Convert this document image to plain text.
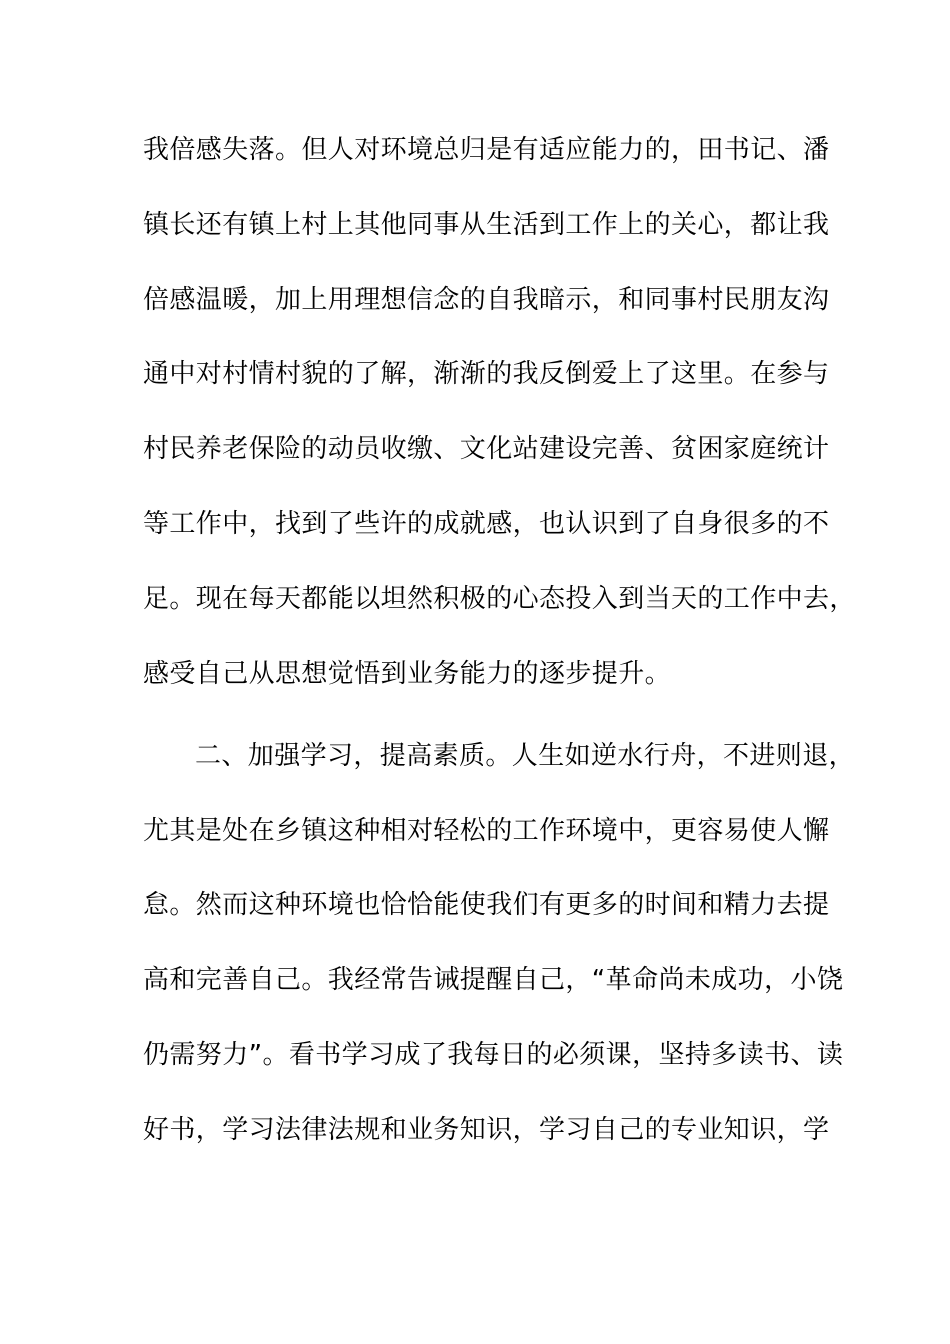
我倍感失落。但人对环境总归是有适应能力的，田书记、潘
镇长还有镇上村上其他同事从生活到工作上的关心，都让我
倍感温暖，加上用理想信念的自我暗示，和同事村民朋友沟
通中对村情村貌的了解，渐渐的我反倒爱上了这里。在参与
村民养老保险的动员收缴、文化站建设完善、贫困家庭统计
等工作中，找到了些许的成就感，也认识到了自身很多的不
足。现在每天都能以坦然积极的心态投入到当天的工作中去，
感受自己从思想觉悟到业务能力的逐步提升。
二、加强学习，提高素质。人生如逆水行舟，不进则退，
尤其是处在乡镇这种相对轻松的工作环境中，更容易使人懈
怠。然而这种环境也恰恰能使我们有更多的时间和精力去提
高和完善自己。我经常告诫提醒自己，“革命尚未成功，小饶
仍需努力”。看书学习成了我每日的必须课，坚持多读书、读
好书，学习法律法规和业务知识，学习自己的专业知识，学
